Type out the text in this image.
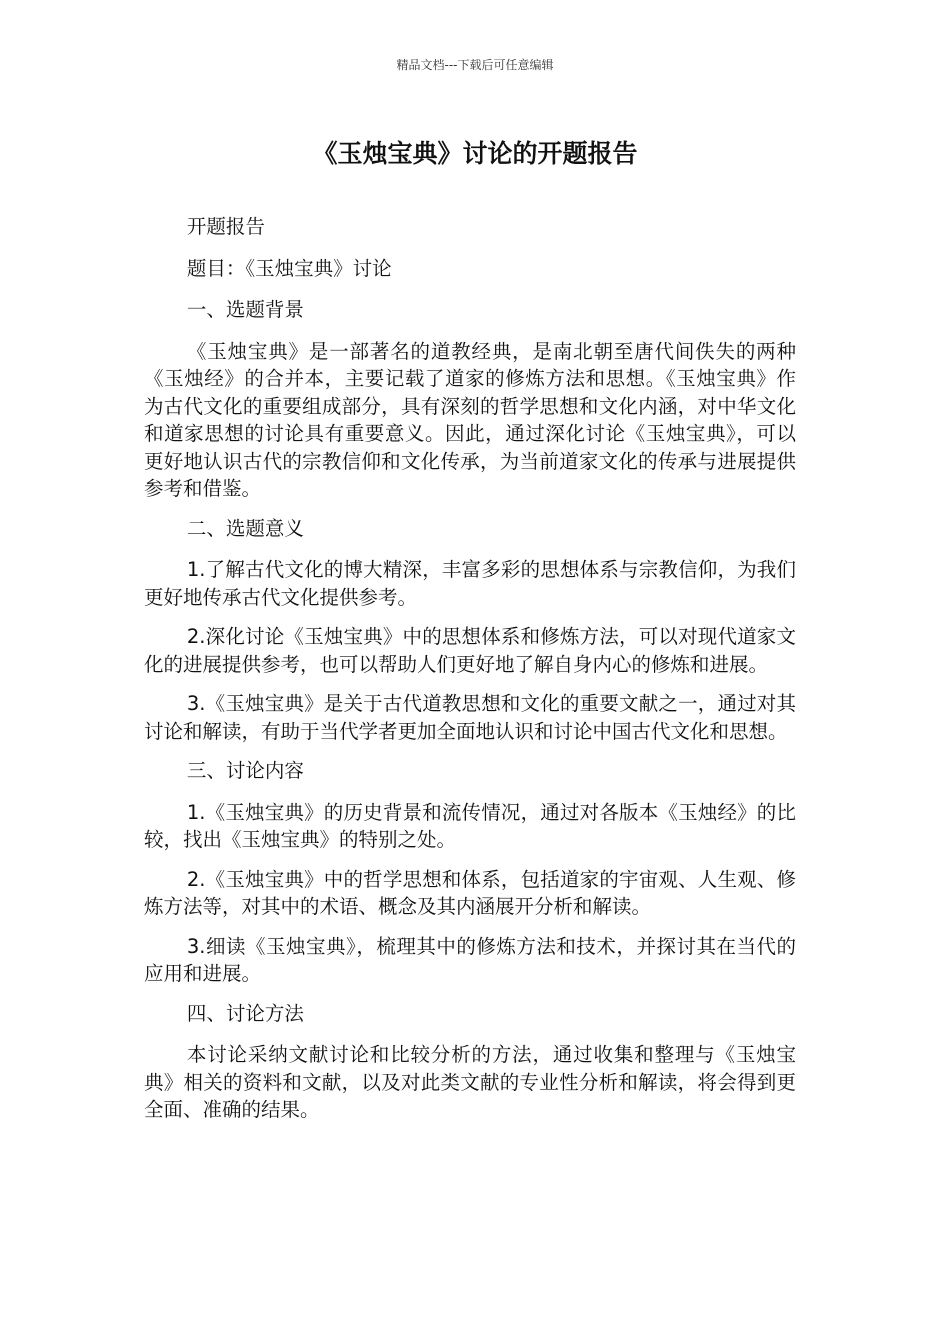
精品文档---下载后可任意编辑
《玉烛宝典》讨论的开题报告

开题报告

题目：《玉烛宝典》讨论

一、选题背景

《玉烛宝典》是一部著名的道教经典，是南北朝至唐代间佚失的两种《玉烛经》的合并本，主要记载了道家的修炼方法和思想。《玉烛宝典》作为古代文化的重要组成部分，具有深刻的哲学思想和文化内涵，对中华文化和道家思想的讨论具有重要意义。因此，通过深化讨论《玉烛宝典》，可以更好地认识古代的宗教信仰和文化传承，为当前道家文化的传承与进展提供参考和借鉴。

二、选题意义

1.了解古代文化的博大精深，丰富多彩的思想体系与宗教信仰，为我们更好地传承古代文化提供参考。

2.深化讨论《玉烛宝典》中的思想体系和修炼方法，可以对现代道家文化的进展提供参考，也可以帮助人们更好地了解自身内心的修炼和进展。

3.《玉烛宝典》是关于古代道教思想和文化的重要文献之一，通过对其讨论和解读，有助于当代学者更加全面地认识和讨论中国古代文化和思想。

三、讨论内容

1.《玉烛宝典》的历史背景和流传情况，通过对各版本《玉烛经》的比较，找出《玉烛宝典》的特别之处。

2.《玉烛宝典》中的哲学思想和体系，包括道家的宇宙观、人生观、修炼方法等，对其中的术语、概念及其内涵展开分析和解读。

3.细读《玉烛宝典》，梳理其中的修炼方法和技术，并探讨其在当代的应用和进展。

四、讨论方法

本讨论采纳文献讨论和比较分析的方法，通过收集和整理与《玉烛宝典》相关的资料和文献，以及对此类文献的专业性分析和解读，将会得到更全面、准确的结果。
